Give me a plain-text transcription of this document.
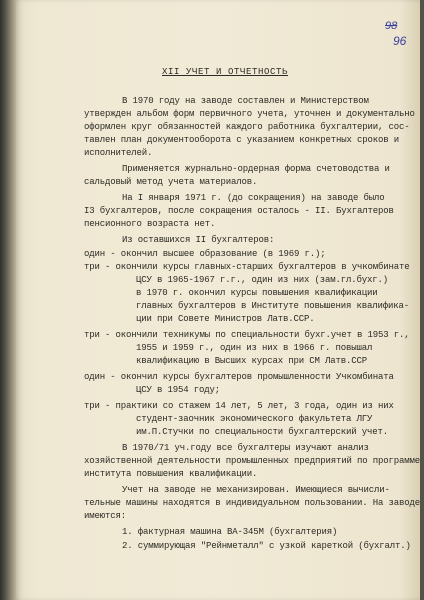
98
96

XII УЧЕТ И ОТЧЕТНОСТЬ

В 1970 году на заводе составлен и Министерством

утвержден альбом форм первичного учета, уточнен и документально

оформлен круг обязанностей каждого работника бухгалтерии, сос-

тавлен план документооборота с указанием конкретных сроков и

исполнителей.

Применяется журнально-ордерная форма счетоводства и

сальдовый метод учета материалов.

На I января 1971 г. (до сокращения) на заводе было

I3 бухгалтеров, после сокращения осталось - II. Бухгалтеров

пенсионного возраста нет.

Из оставшихся II бухгалтеров:

один - окончил высшее образование (в 1969 г.);

три - окончили курсы главных-старших бухгалтеров в учкомбинате

ЦСУ в 1965-1967 г.г., один из них (зам.гл.бухг.)

в 1970 г. окончил курсы повышения квалификации

главных бухгалтеров в Институте повышения квалифика-

ции при Совете Министров Латв.ССР.

три - окончили техникумы по специальности бухг.учет в 1953 г.,

1955 и 1959 г., один из них в 1966 г. повышал

квалификацию в Высших курсах при СМ Латв.ССР

один - окончил курсы бухгалтеров промышленности Учкомбината

ЦСУ в 1954 году;

три - практики со стажем 14 лет, 5 лет, 3 года, один из них

студент-заочник экономического факультета ЛГУ

им.П.Стучки по специальности бухгалтерский учет.

В 1970/71 уч.году все бухгалтеры изучают анализ

хозяйственной деятельности промышленных предприятий по программе

института повышения квалификации.

Учет на заводе не механизирован. Имеющиеся вычисли-

тельные машины находятся в индивидуальном пользовании. На заводе

имеются:

1. фактурная машина ВА-345М (бухгалтерия)

2. суммирующая "Рейнметалл" с узкой кареткой (бухгалт.)
